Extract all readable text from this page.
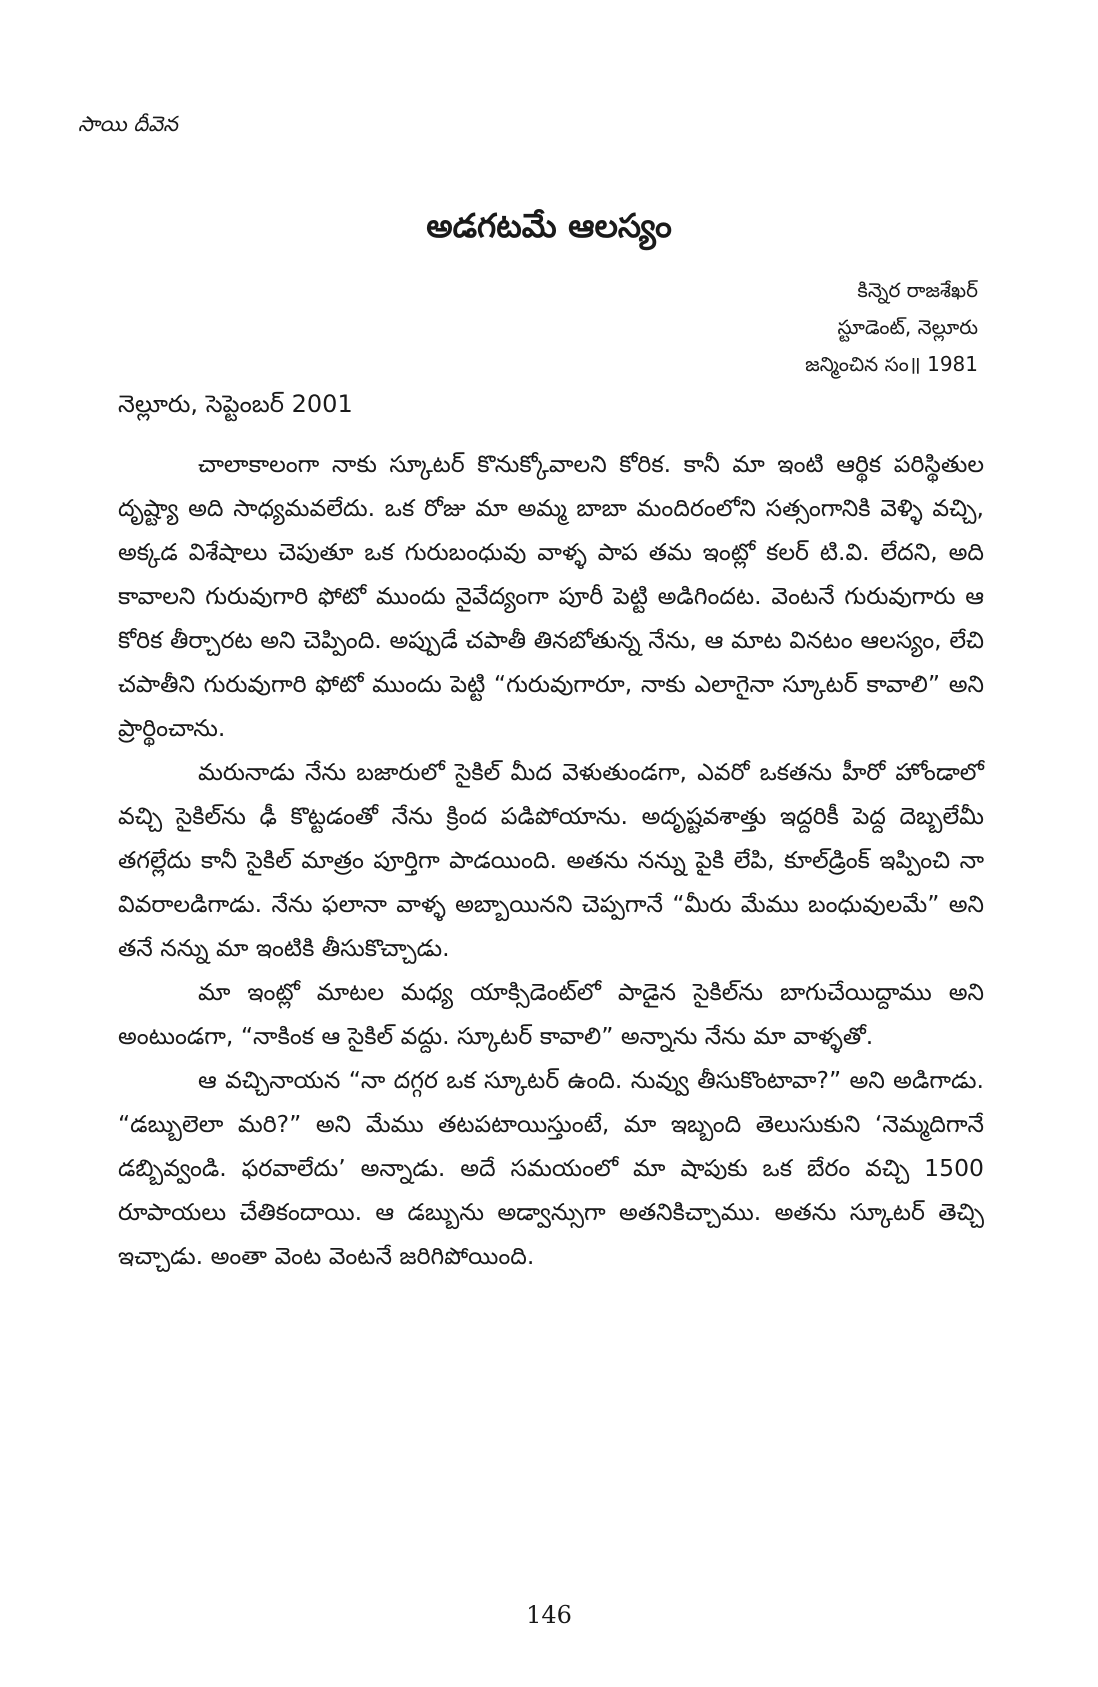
సాయి దీవెన
అడగటమే ఆలస్యం
కిన్నెర రాజశేఖర్
స్టూడెంట్, నెల్లూరు
జన్మించిన సం॥ 1981
నెల్లూరు, సెప్టెంబర్ 2001

చాలాకాలంగా నాకు స్కూటర్ కొనుక్కోవాలని కోరిక. కానీ మా ఇంటి ఆర్థిక పరిస్థితుల దృష్ట్యా అది సాధ్యమవలేదు. ఒక రోజు మా అమ్మ బాబా మందిరంలోని సత్సంగానికి వెళ్ళి వచ్చి, అక్కడ విశేషాలు చెపుతూ ఒక గురుబంధువు వాళ్ళ పాప తమ ఇంట్లో కలర్ టి.వి. లేదని, అది కావాలని గురువుగారి ఫోటో ముందు నైవేద్యంగా పూరీ పెట్టి అడిగిందట. వెంటనే గురువుగారు ఆ కోరిక తీర్చారట అని చెప్పింది. అప్పుడే చపాతీ తినబోతున్న నేను, ఆ మాట వినటం ఆలస్యం, లేచి చపాతీని గురువుగారి ఫోటో ముందు పెట్టి “గురువుగారూ, నాకు ఎలాగైనా స్కూటర్ కావాలి” అని ప్రార్థించాను.

మరునాడు నేను బజారులో సైకిల్ మీద వెళుతుండగా, ఎవరో ఒకతను హీరో హోండాలో వచ్చి సైకిల్‌ను ఢీ కొట్టడంతో నేను క్రింద పడిపోయాను. అదృష్టవశాత్తు ఇద్దరికీ పెద్ద దెబ్బలేమీ తగల్లేదు కానీ సైకిల్ మాత్రం పూర్తిగా పాడయింది. అతను నన్ను పైకి లేపి, కూల్‌డ్రింక్ ఇప్పించి నా వివరాలడిగాడు. నేను ఫలానా వాళ్ళ అబ్బాయినని చెప్పగానే “మీరు మేము బంధువులమే” అని తనే నన్ను మా ఇంటికి తీసుకొచ్చాడు.

మా ఇంట్లో మాటల మధ్య యాక్సిడెంట్‌లో పాడైన సైకిల్‌ను బాగుచేయిద్దాము అని అంటుండగా, “నాకింక ఆ సైకిల్ వద్దు. స్కూటర్ కావాలి” అన్నాను నేను మా వాళ్ళతో.

ఆ వచ్చినాయన “నా దగ్గర ఒక స్కూటర్ ఉంది. నువ్వు తీసుకొంటావా?” అని అడిగాడు. “డబ్బులెలా మరి?” అని మేము తటపటాయిస్తుంటే, మా ఇబ్బంది తెలుసుకుని ‘నెమ్మదిగానే డబ్బివ్వండి. ఫరవాలేదు’ అన్నాడు. అదే సమయంలో మా షాపుకు ఒక బేరం వచ్చి 1500 రూపాయలు చేతికందాయి. ఆ డబ్బును అడ్వాన్సుగా అతనికిచ్చాము. అతను స్కూటర్ తెచ్చి ఇచ్చాడు. అంతా వెంట వెంటనే జరిగిపోయింది.

146
